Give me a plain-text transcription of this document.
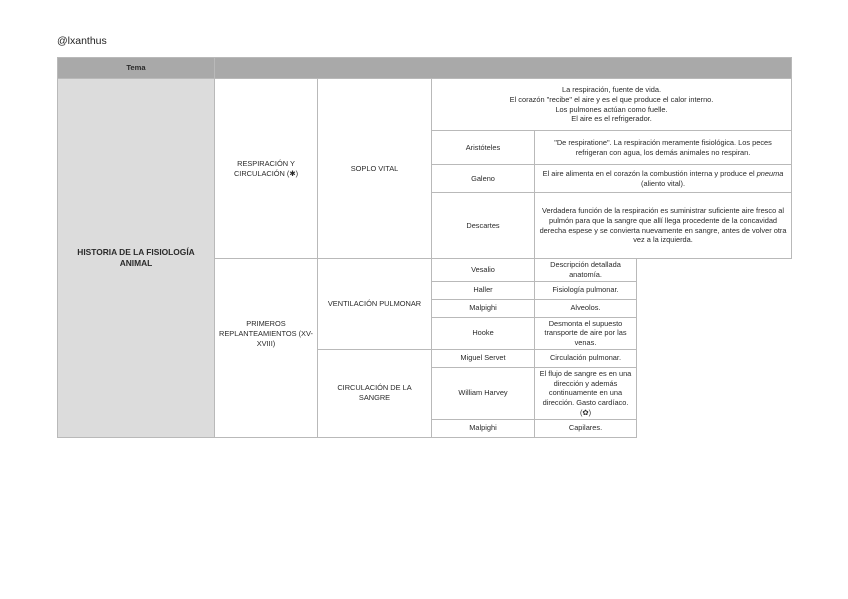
@lxanthus
Tema				
HISTORIA DE LA FISIOLOGÍA ANIMAL	RESPIRACIÓN Y CIRCULACIÓN (✱)	SOPLO VITAL	La respiración, fuente de vida.
El corazón "recibe" el aire y es el que produce el calor interno.
Los pulmones actúan como fuelle.
El aire es el refrigerador.	

			Aristóteles	"De respiratione". La respiración meramente fisiológica. Los peces refrigeran con agua, los demás animales no respiran.
			Galeno	El aire alimenta en el corazón la combustión interna y produce el pneuma (aliento vital).
			Descartes	Verdadera función de la respiración es suministrar suficiente aire fresco al pulmón para que la sangre que allí llega procedente de la concavidad derecha espese y se convierta nuevamente en sangre, antes de volver otra vez a la izquierda.
	PRIMEROS REPLANTEAMIENTOS (XV-XVIII)	VENTILACIÓN PULMONAR	Vesalio	Descripción detallada anatomía.
			Haller	Fisiología pulmonar.
			Malpighi	Alveolos.
			Hooke	Desmonta el supuesto transporte de aire por las venas.
		CIRCULACIÓN DE LA SANGRE	Miguel Servet	Circulación pulmonar.
			William Harvey	El flujo de sangre es en una dirección y además continuamente en una dirección. Gasto cardíaco. (✿)
			Malpighi	Capilares.
